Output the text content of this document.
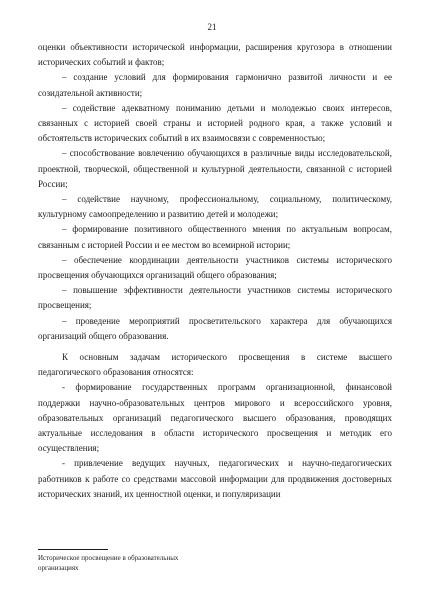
21

оценки объективности исторической информации, расширения кругозора в отношении исторических событий и фактов;

– создание условий для формирования гармонично развитой личности и ее созидательной активности;

– содействие адекватному пониманию детьми и молодежью своих интересов, связанных с историей своей страны и историей родного края, а также условий и обстоятельств исторических событий в их взаимосвязи с современностью;

– способствование вовлечению обучающихся в различные виды исследовательской, проектной, творческой, общественной и культурной деятельности, связанной с историей России;

– содействие научному, профессиональному, социальному, политическому, культурному самоопределению и развитию детей и молодежи;

– формирование позитивного общественного мнения по актуальным вопросам, связанным с историей России и ее местом во всемирной истории;

– обеспечение координации деятельности участников системы исторического просвещения обучающихся организаций общего образования;

– повышение эффективности деятельности участников системы исторического просвещения;

– проведение мероприятий просветительского характера для обучающихся организаций общего образования.

К основным задачам исторического просвещения в системе высшего педагогического образования относятся:

- формирование государственных программ организационной, финансовой поддержки научно-образовательных центров мирового и всероссийского уровня, образовательных организаций педагогического высшего образования, проводящих актуальные исследования в области исторического просвещения и методик его осуществления;

- привлечение ведущих научных, педагогических и научно-педагогических работников к работе со средствами массовой информации для продвижения достоверных исторических знаний, их ценностной оценки, и популяризации

Историческое просвещение в образовательных
организациях
